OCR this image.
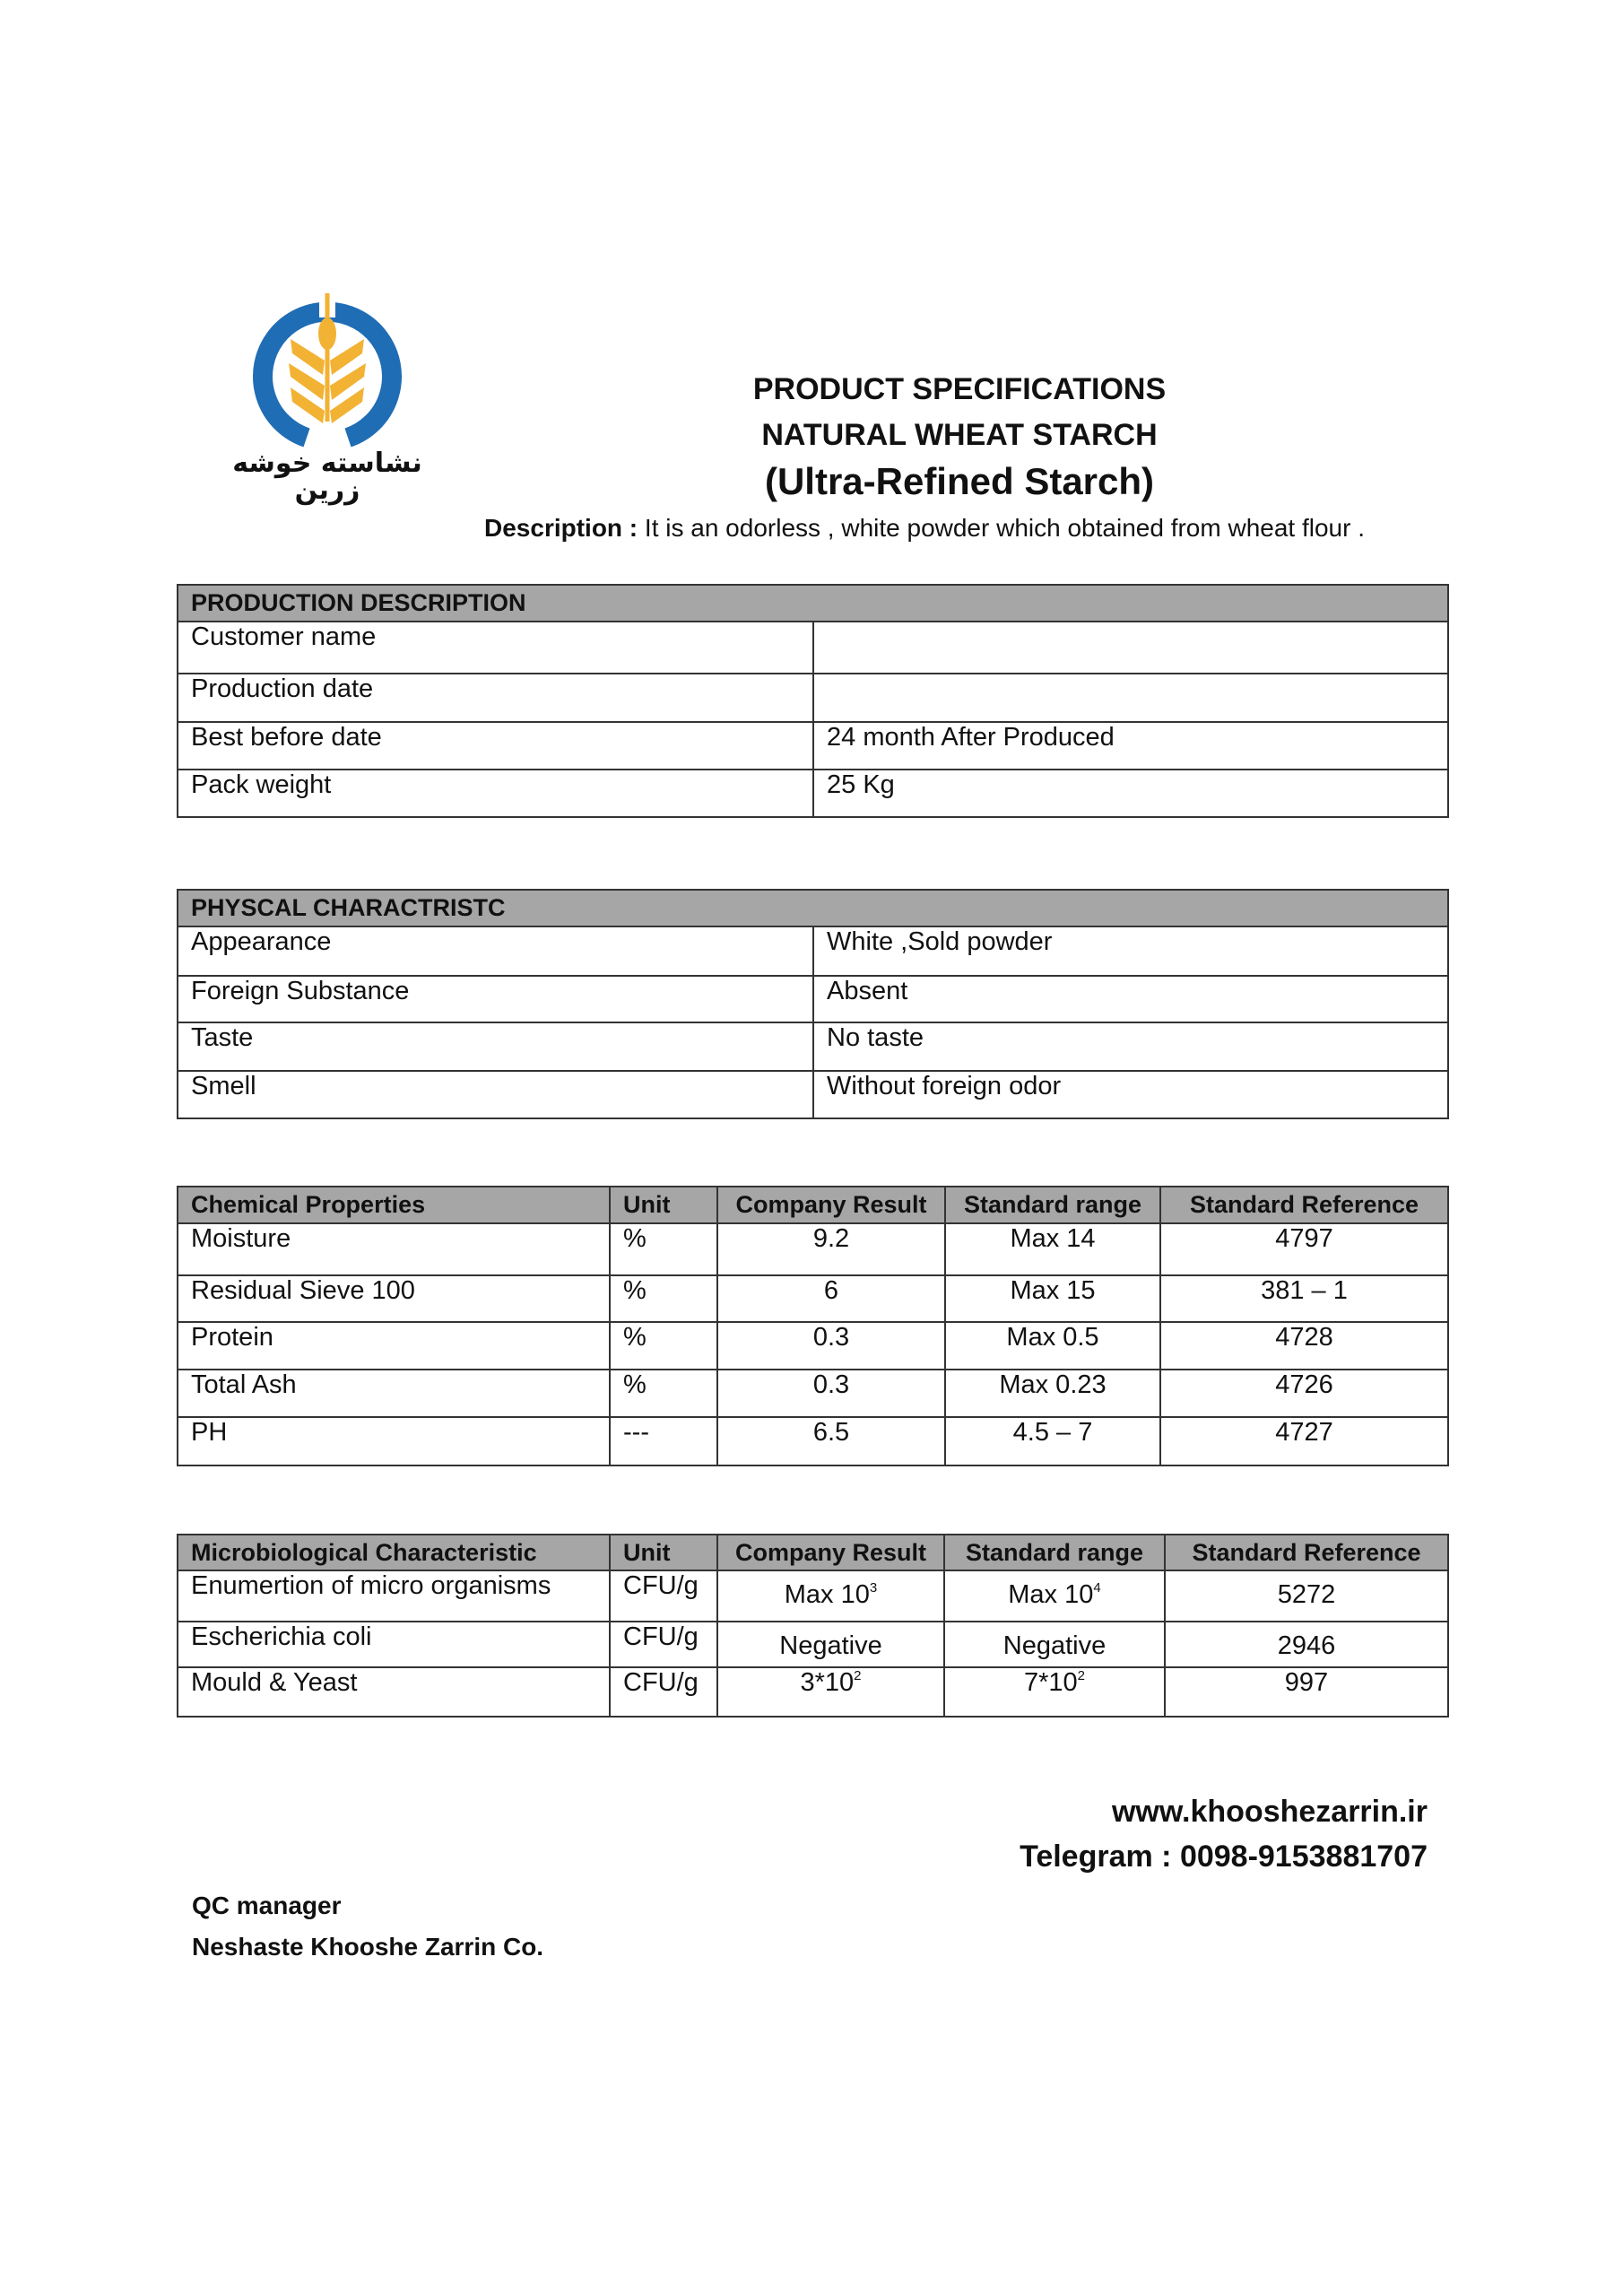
نشاسته خوشه زرین
PRODUCT SPECIFICATIONS
NATURAL WHEAT STARCH
(Ultra-Refined Starch)
Description : It is an odorless , white powder which obtained from wheat flour .
PRODUCTION DESCRIPTION	
Customer name	
Production date	
Best before date	24 month After Produced
Pack weight	25 Kg
PHYSCAL CHARACTRISTC	
Appearance	White ,Sold powder
Foreign Substance	Absent
Taste	No taste
Smell	Without foreign odor
Chemical Properties	Unit	Company Result	Standard range	Standard Reference
Moisture	%	9.2	Max 14	4797
Residual Sieve 100	%	6	Max 15	381 – 1
Protein	%	0.3	Max 0.5	4728
Total Ash	%	0.3	Max 0.23	4726
PH	---	6.5	4.5 – 7	4727
Microbiological Characteristic	Unit	Company Result	Standard range	Standard Reference
Enumertion of micro organisms	CFU/g	Max $10^3$	Max $10^4$	5272
Escherichia coli	CFU/g	Negative	Negative	2946
Mould & Yeast	CFU/g	$3*10^2$	$7*10^2$	997
www.khooshezarrin.ir
Telegram : 0098-9153881707
QC manager
Neshaste Khooshe Zarrin Co.
